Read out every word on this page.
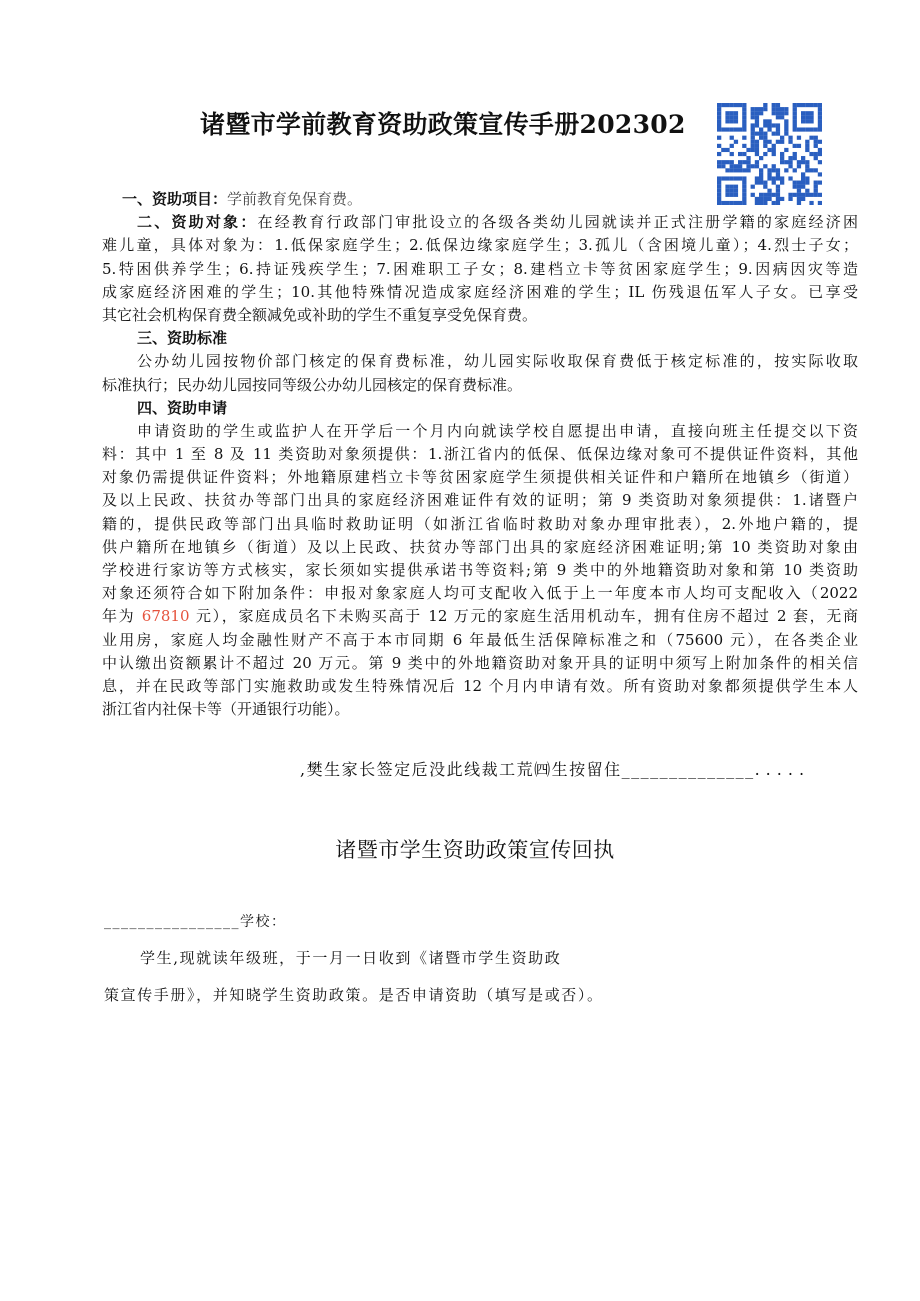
诸暨市学前教育资助政策宣传手册202302
一、资助项目：学前教育免保育费。
二、资助对象：在经教育行政部门审批设立的各级各类幼儿园就读并正式注册学籍的家庭经济困
难儿童，具体对象为：1.低保家庭学生；2.低保边缘家庭学生；3.孤儿（含困境儿童）；4.烈士子女；
5.特困供养学生；6.持证残疾学生；7.困难职工子女；8.建档立卡等贫困家庭学生；9.因病因灾等造
成家庭经济困难的学生；10.其他特殊情况造成家庭经济困难的学生；IL 伤残退伍军人子女。已享受
其它社会机构保育费全额减免或补助的学生不重复享受免保育费。
三、资助标准
公办幼儿园按物价部门核定的保育费标准，幼儿园实际收取保育费低于核定标准的，按实际收取
标准执行；民办幼儿园按同等级公办幼儿园核定的保育费标准。
四、资助申请
申请资助的学生或监护人在开学后一个月内向就读学校自愿提出申请，直接向班主任提交以下资
料：其中 1 至 8 及 11 类资助对象须提供：1.浙江省内的低保、低保边缘对象可不提供证件资料，其他
对象仍需提供证件资料；外地籍原建档立卡等贫困家庭学生须提供相关证件和户籍所在地镇乡（街道）
及以上民政、扶贫办等部门出具的家庭经济困难证件有效的证明；第 9 类资助对象须提供：1.诸暨户
籍的，提供民政等部门出具临时救助证明（如浙江省临时救助对象办理审批表），2.外地户籍的，提
供户籍所在地镇乡（街道）及以上民政、扶贫办等部门出具的家庭经济困难证明;第 10 类资助对象由
学校进行家访等方式核实，家长须如实提供承诺书等资料;第 9 类中的外地籍资助对象和第 10 类资助
对象还须符合如下附加条件：申报对象家庭人均可支配收入低于上一年度本市人均可支配收入（2022
年为 67810 元），家庭成员名下未购买高于 12 万元的家庭生活用机动车，拥有住房不超过 2 套，无商
业用房，家庭人均金融性财产不高于本市同期 6 年最低生活保障标准之和（75600 元），在各类企业
中认缴出资额累计不超过 20 万元。第 9 类中的外地籍资助对象开具的证明中须写上附加条件的相关信
息，并在民政等部门实施救助或发生特殊情况后 12 个月内申请有效。所有资助对象都须提供学生本人
浙江省内社保卡等（开通银行功能）。
,樊生家长签定卮没此线裁工荒㈣生按留住______________.....
诸暨市学生资助政策宣传回执
________________学校：
学生,现就读年级班，于一月一日收到《诸暨市学生资助政
策宣传手册》，并知晓学生资助政策。是否申请资助（填写是或否）。
